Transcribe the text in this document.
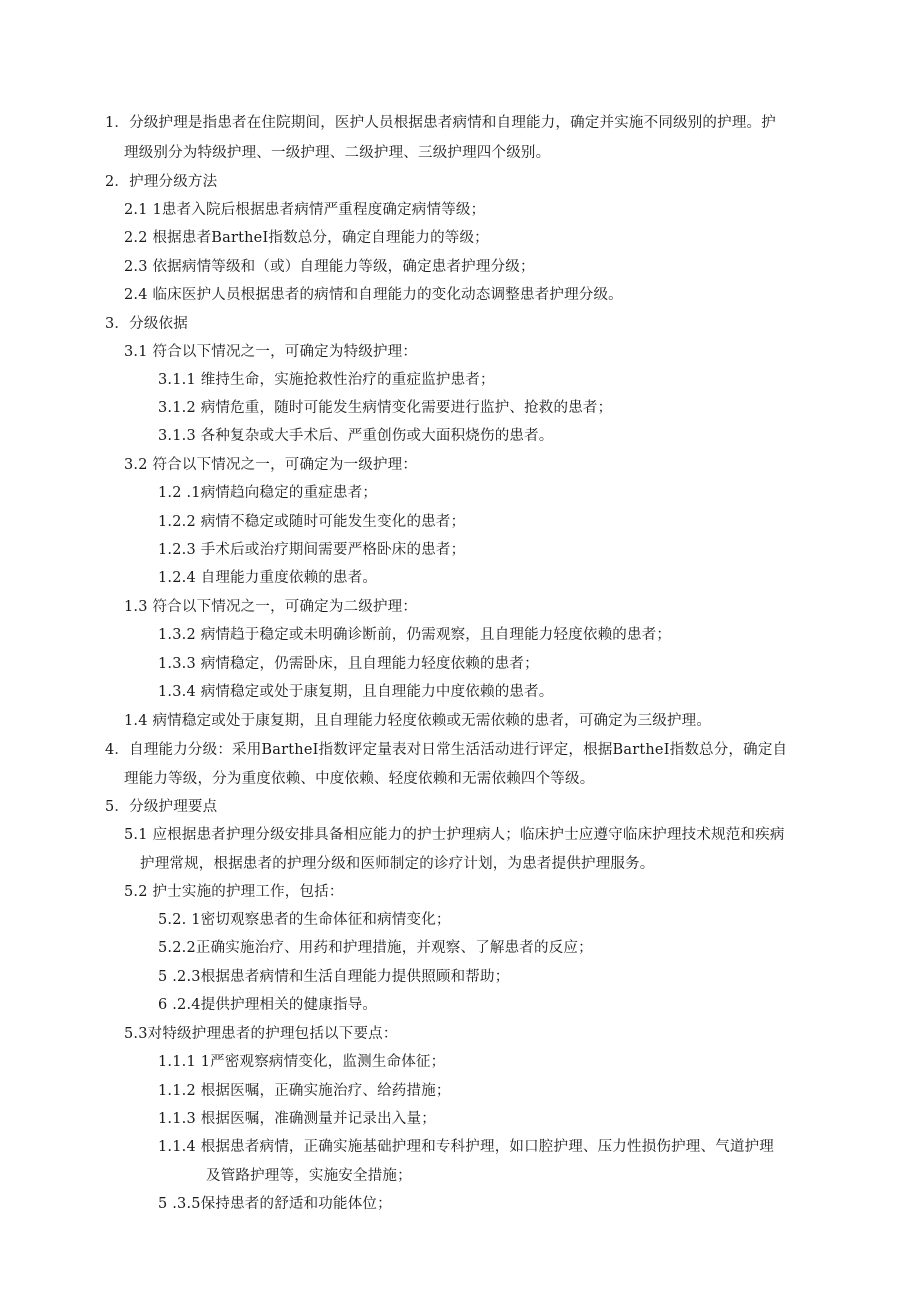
1．分级护理是指患者在住院期间，医护人员根据患者病情和自理能力，确定并实施不同级别的护理。护
理级别分为特级护理、一级护理、二级护理、三级护理四个级别。
2．护理分级方法
2.1 1患者入院后根据患者病情严重程度确定病情等级；
2.2 根据患者BartheI指数总分，确定自理能力的等级；
2.3 依据病情等级和（或）自理能力等级，确定患者护理分级；
2.4 临床医护人员根据患者的病情和自理能力的变化动态调整患者护理分级。
3．分级依据
3.1 符合以下情况之一，可确定为特级护理：
3.1.1 维持生命，实施抢救性治疗的重症监护患者；
3.1.2 病情危重，随时可能发生病情变化需要进行监护、抢救的患者；
3.1.3 各种复杂或大手术后、严重创伤或大面积烧伤的患者。
3.2 符合以下情况之一，可确定为一级护理：
1.2 .1病情趋向稳定的重症患者；
1.2.2 病情不稳定或随时可能发生变化的患者；
1.2.3 手术后或治疗期间需要严格卧床的患者；
1.2.4 自理能力重度依赖的患者。
1.3 符合以下情况之一，可确定为二级护理：
1.3.2 病情趋于稳定或未明确诊断前，仍需观察，且自理能力轻度依赖的患者；
1.3.3 病情稳定，仍需卧床，且自理能力轻度依赖的患者；
1.3.4 病情稳定或处于康复期，且自理能力中度依赖的患者。
1.4 病情稳定或处于康复期，且自理能力轻度依赖或无需依赖的患者，可确定为三级护理。
4．自理能力分级：采用BartheI指数评定量表对日常生活活动进行评定，根据BartheI指数总分，确定自
理能力等级，分为重度依赖、中度依赖、轻度依赖和无需依赖四个等级。
5．分级护理要点
5.1 应根据患者护理分级安排具备相应能力的护士护理病人；临床护士应遵守临床护理技术规范和疾病
护理常规，根据患者的护理分级和医师制定的诊疗计划，为患者提供护理服务。
5.2 护士实施的护理工作，包括：
5.2. 1密切观察患者的生命体征和病情变化；
5.2.2正确实施治疗、用药和护理措施，并观察、了解患者的反应；
5 .2.3根据患者病情和生活自理能力提供照顾和帮助；
6 .2.4提供护理相关的健康指导。
5.3对特级护理患者的护理包括以下要点：
1.1.1 1严密观察病情变化，监测生命体征；
1.1.2 根据医嘱，正确实施治疗、给药措施；
1.1.3 根据医嘱，准确测量并记录出入量；
1.1.4 根据患者病情，正确实施基础护理和专科护理，如口腔护理、压力性损伤护理、气道护理
及管路护理等，实施安全措施；
5 .3.5保持患者的舒适和功能体位；
